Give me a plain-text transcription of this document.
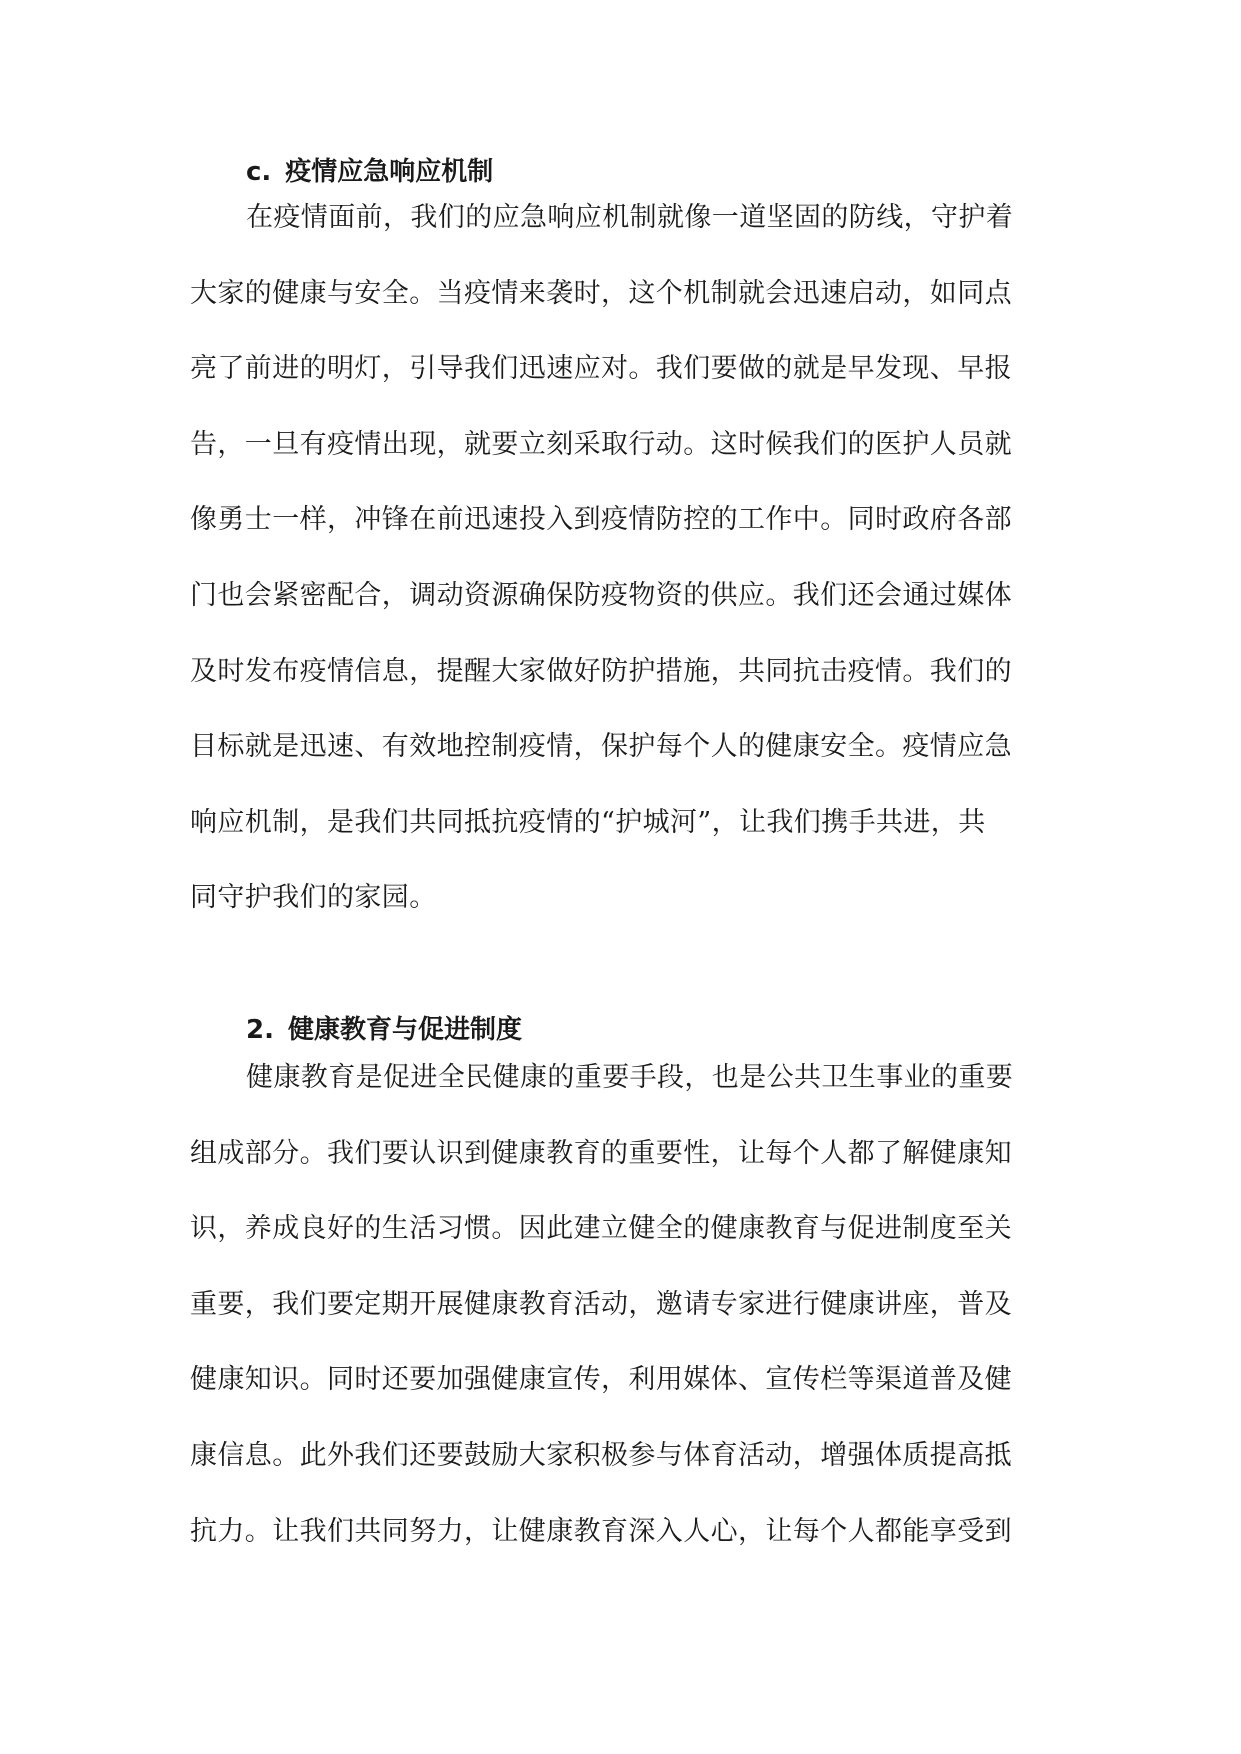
c. 疫情应急响应机制
在疫情面前，我们的应急响应机制就像一道坚固的防线，守护着
大家的健康与安全。当疫情来袭时，这个机制就会迅速启动，如同点
亮了前进的明灯，引导我们迅速应对。我们要做的就是早发现、早报
告，一旦有疫情出现，就要立刻采取行动。这时候我们的医护人员就
像勇士一样，冲锋在前迅速投入到疫情防控的工作中。同时政府各部
门也会紧密配合，调动资源确保防疫物资的供应。我们还会通过媒体
及时发布疫情信息，提醒大家做好防护措施，共同抗击疫情。我们的
目标就是迅速、有效地控制疫情，保护每个人的健康安全。疫情应急
响应机制，是我们共同抵抗疫情的“护城河”，让我们携手共进，共
同守护我们的家园。
2. 健康教育与促进制度
健康教育是促进全民健康的重要手段，也是公共卫生事业的重要
组成部分。我们要认识到健康教育的重要性，让每个人都了解健康知
识，养成良好的生活习惯。因此建立健全的健康教育与促进制度至关
重要，我们要定期开展健康教育活动，邀请专家进行健康讲座，普及
健康知识。同时还要加强健康宣传，利用媒体、宣传栏等渠道普及健
康信息。此外我们还要鼓励大家积极参与体育活动，增强体质提高抵
抗力。让我们共同努力，让健康教育深入人心，让每个人都能享受到
